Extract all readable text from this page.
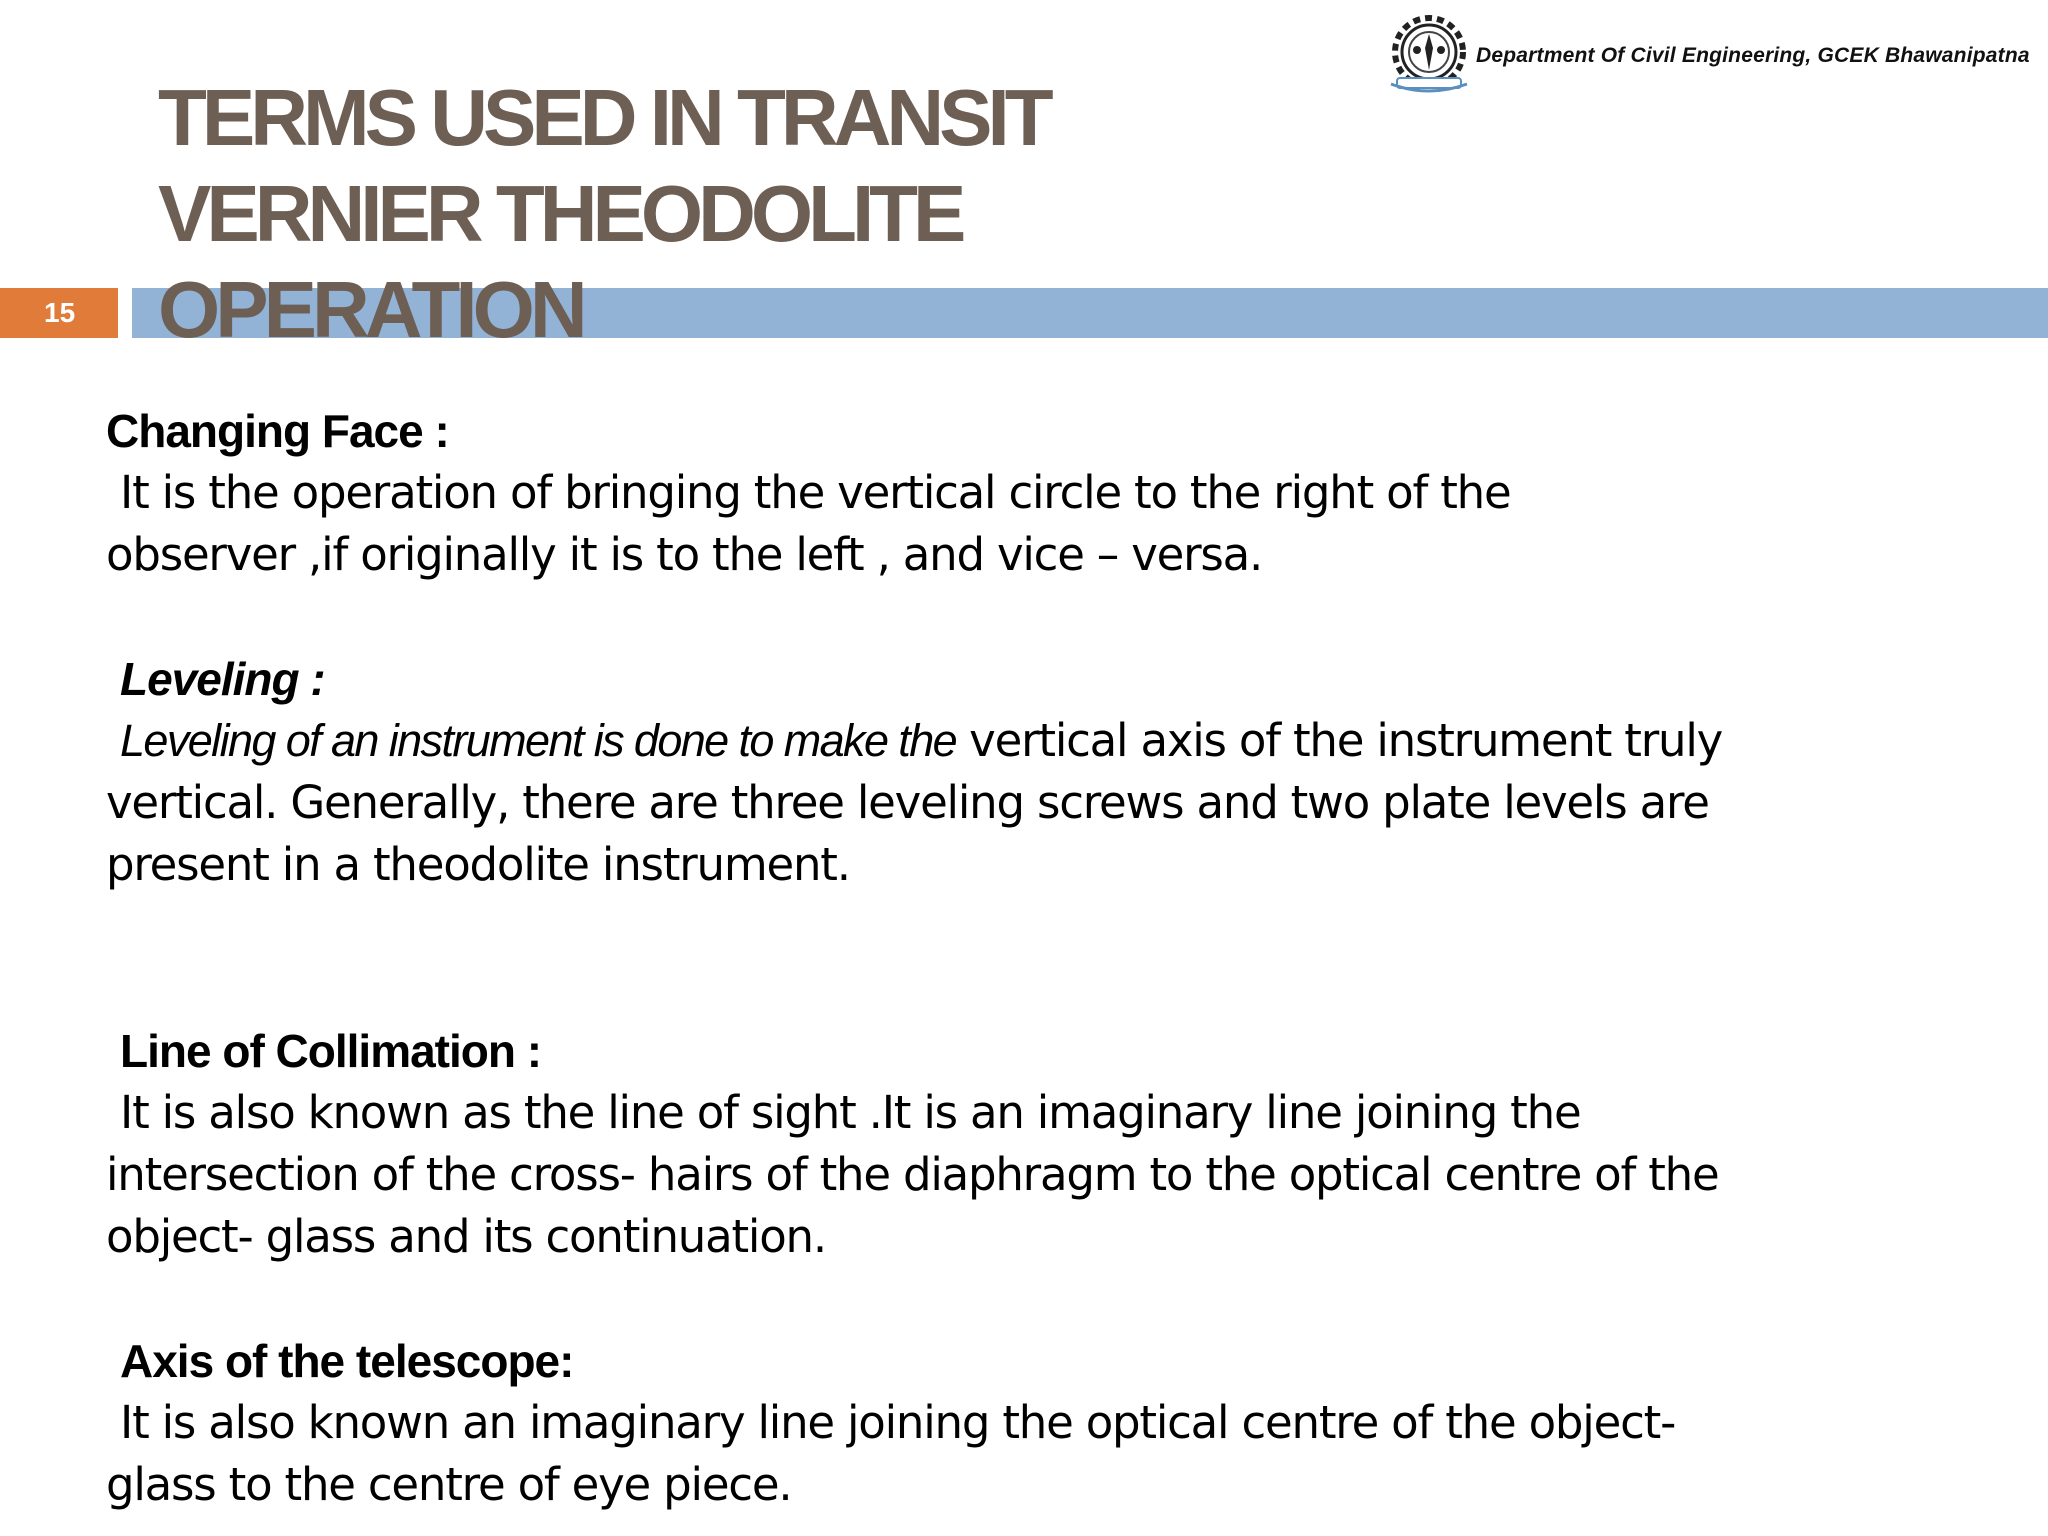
Department Of Civil Engineering, GCEK Bhawanipatna
15
TERMS USED IN TRANSIT
VERNIER THEODOLITE
OPERATION
Changing Face :
It is the operation of bringing the vertical circle to the right of the
observer ,if originally it is to the left , and vice – versa.
Leveling :
Leveling of an instrument is done to make the vertical axis of the instrument truly
vertical. Generally, there are three leveling screws and two plate levels are
present in a theodolite instrument.
Line of Collimation :
It is also known as the line of sight .It is an imaginary line joining the
intersection of the cross- hairs of the diaphragm to the optical centre of the
object- glass and its continuation.
Axis of the telescope:
It is also known an imaginary line joining the optical centre of the object-
glass to the centre of eye piece.
